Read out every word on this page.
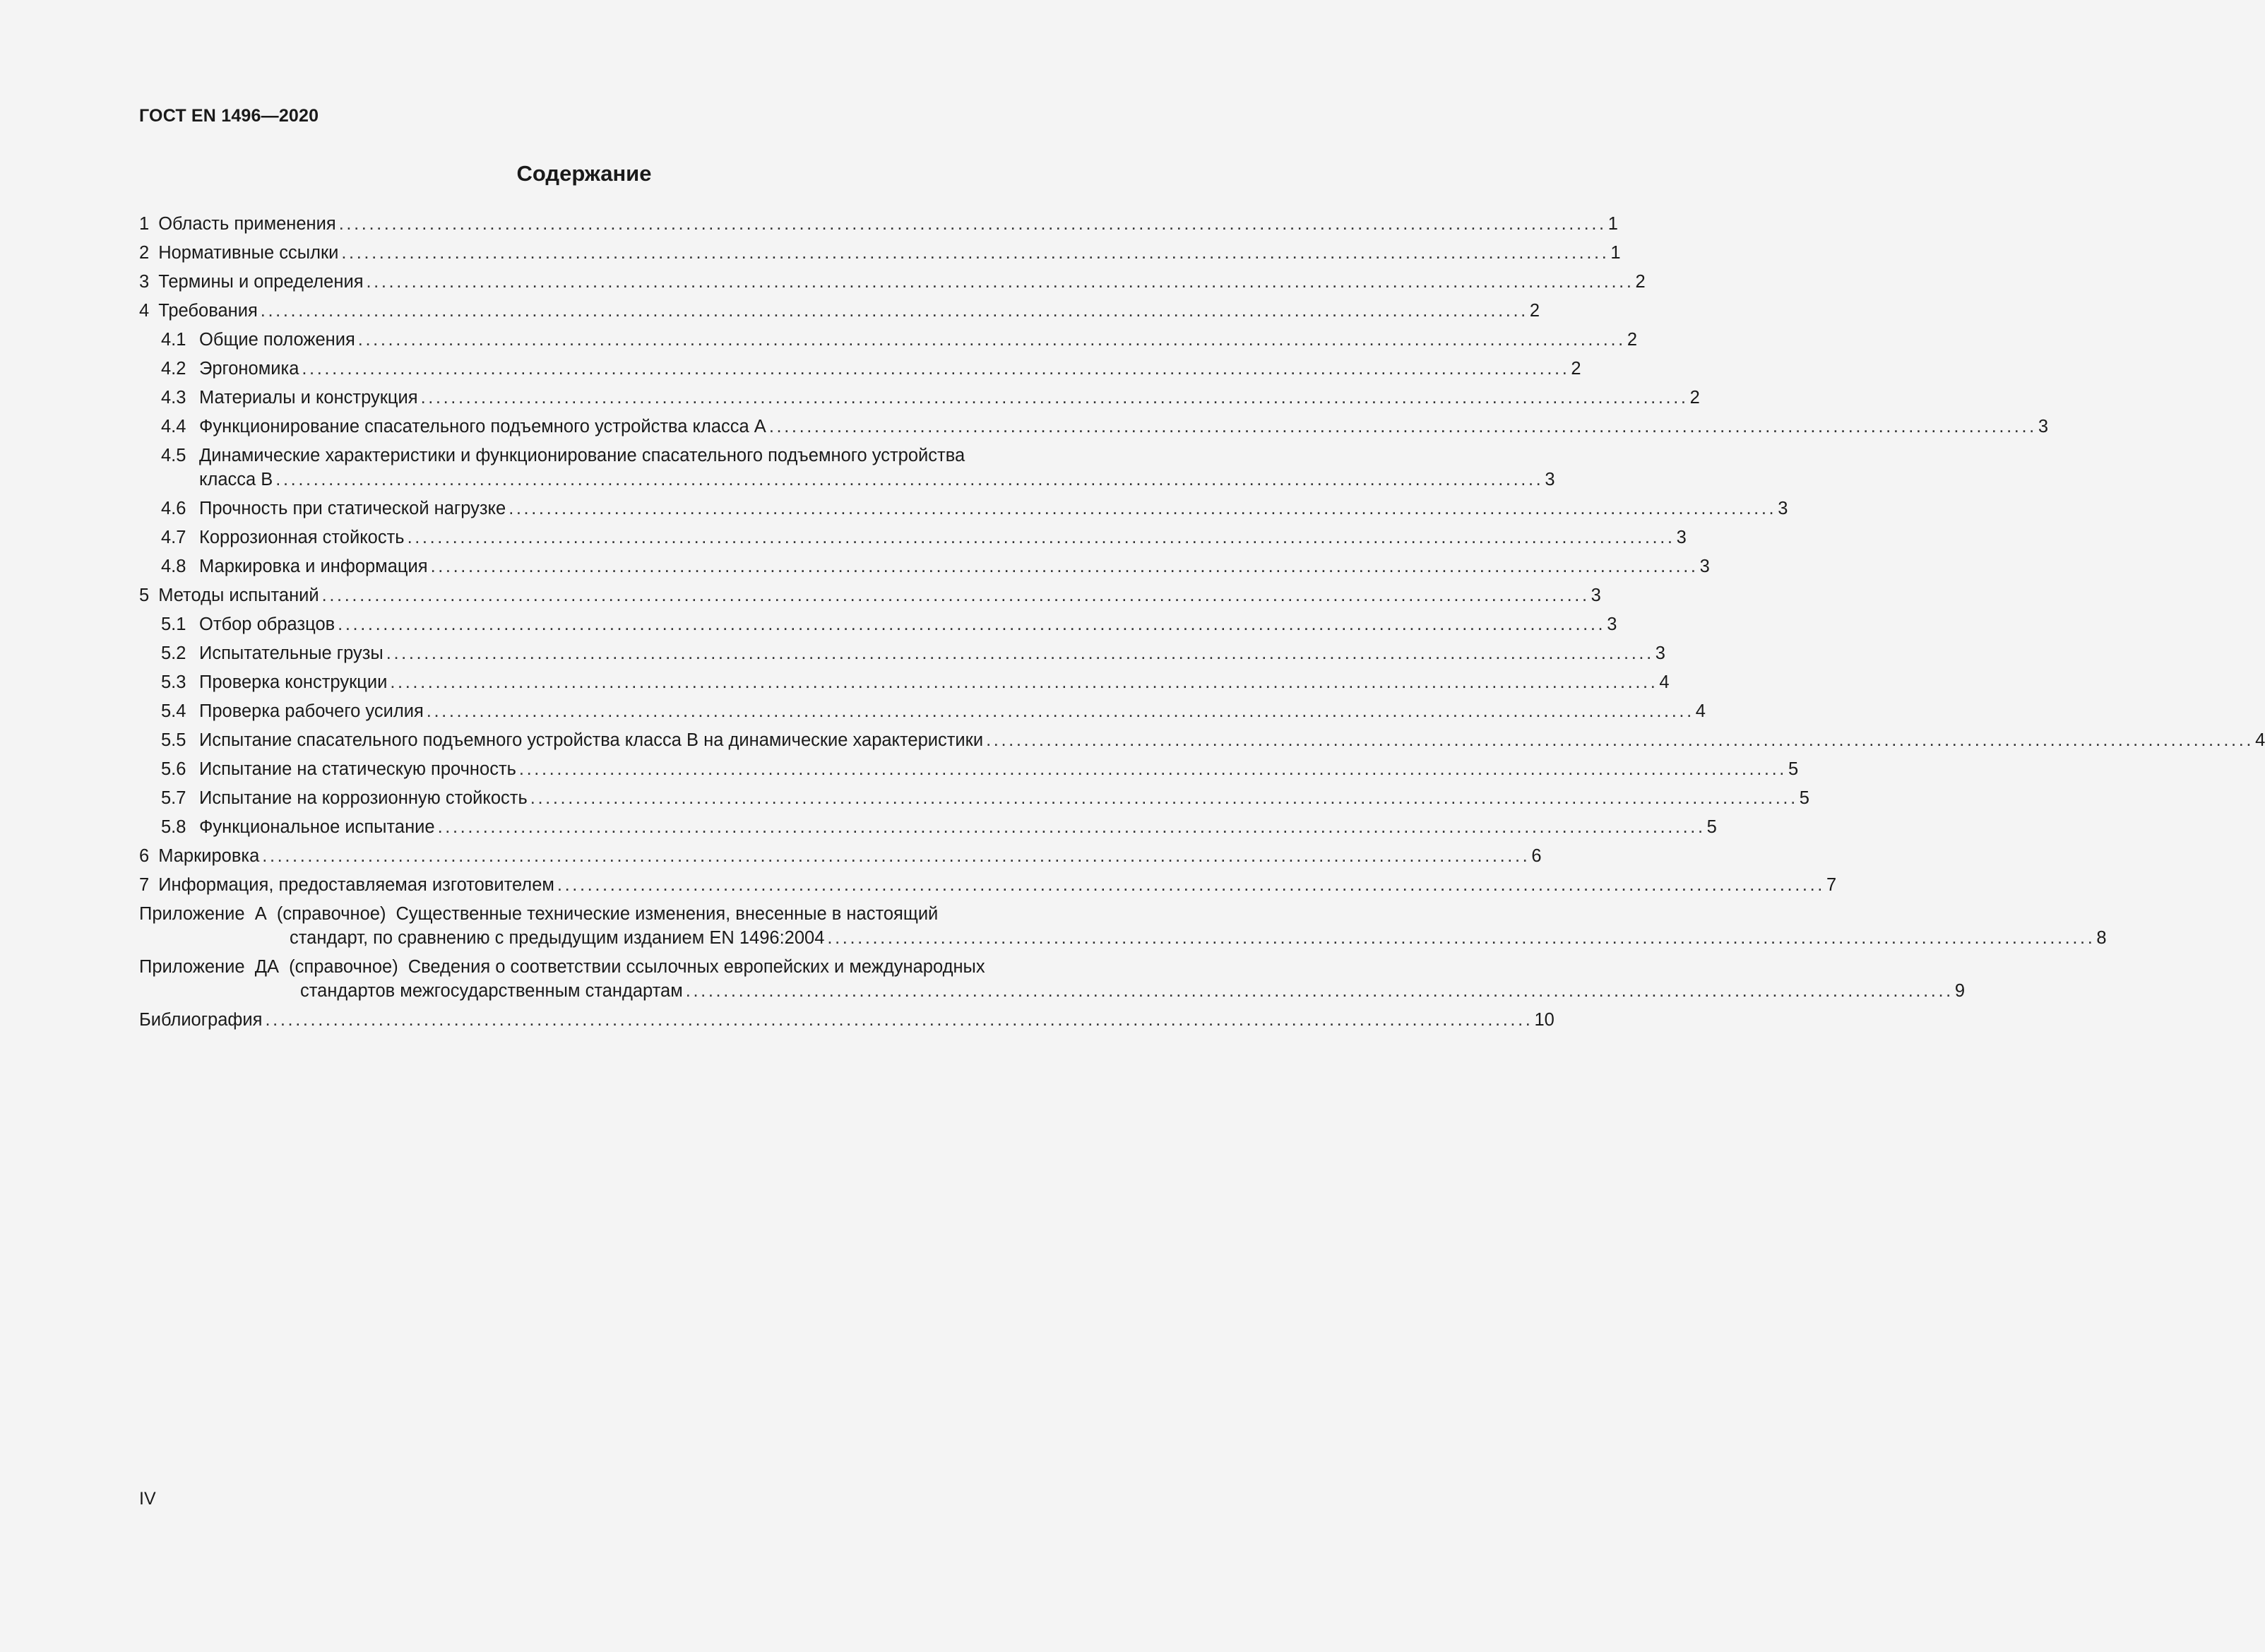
ГОСТ EN 1496—2020
Содержание
1 Область применения ........................................................................................................................................................................ 1
2 Нормативные ссылки ........................................................................................................................................................................ 1
3 Термины и определения ........................................................................................................................................................................ 2
4 Требования ........................................................................................................................................................................ 2
4.1 Общие положения ........................................................................................................................................................................ 2
4.2 Эргономика ........................................................................................................................................................................ 2
4.3 Материалы и конструкция ........................................................................................................................................................................ 2
4.4 Функционирование спасательного подъемного устройства класса А ........................................................................................................................................................................ 3
4.5 Динамические характеристики и функционирование спасательного подъемного устройства
класса В ........................................................................................................................................................................ 3
4.6 Прочность при статической нагрузке ........................................................................................................................................................................ 3
4.7 Коррозионная стойкость ........................................................................................................................................................................ 3
4.8 Маркировка и информация ........................................................................................................................................................................ 3
5 Методы испытаний ........................................................................................................................................................................ 3
5.1 Отбор образцов ........................................................................................................................................................................ 3
5.2 Испытательные грузы ........................................................................................................................................................................ 3
5.3 Проверка конструкции ........................................................................................................................................................................ 4
5.4 Проверка рабочего усилия ........................................................................................................................................................................ 4
5.5 Испытание спасательного подъемного устройства класса В на динамические характеристики ........................................................................................................................................................................ 4
5.6 Испытание на статическую прочность ........................................................................................................................................................................ 5
5.7 Испытание на коррозионную стойкость ........................................................................................................................................................................ 5
5.8 Функциональное испытание ........................................................................................................................................................................ 5
6 Маркировка ........................................................................................................................................................................ 6
7 Информация, предоставляемая изготовителем ........................................................................................................................................................................ 7
Приложение  А  (справочное) Существенные технические изменения, внесенные в настоящий
стандарт, по сравнению с предыдущим изданием EN 1496:2004 ........................................................................................................................................................................ 8
Приложение  ДА  (справочное) Сведения о соответствии ссылочных европейских и международных
стандартов межгосударственным стандартам ........................................................................................................................................................................ 9
Библиография ........................................................................................................................................................................ 10
IV
